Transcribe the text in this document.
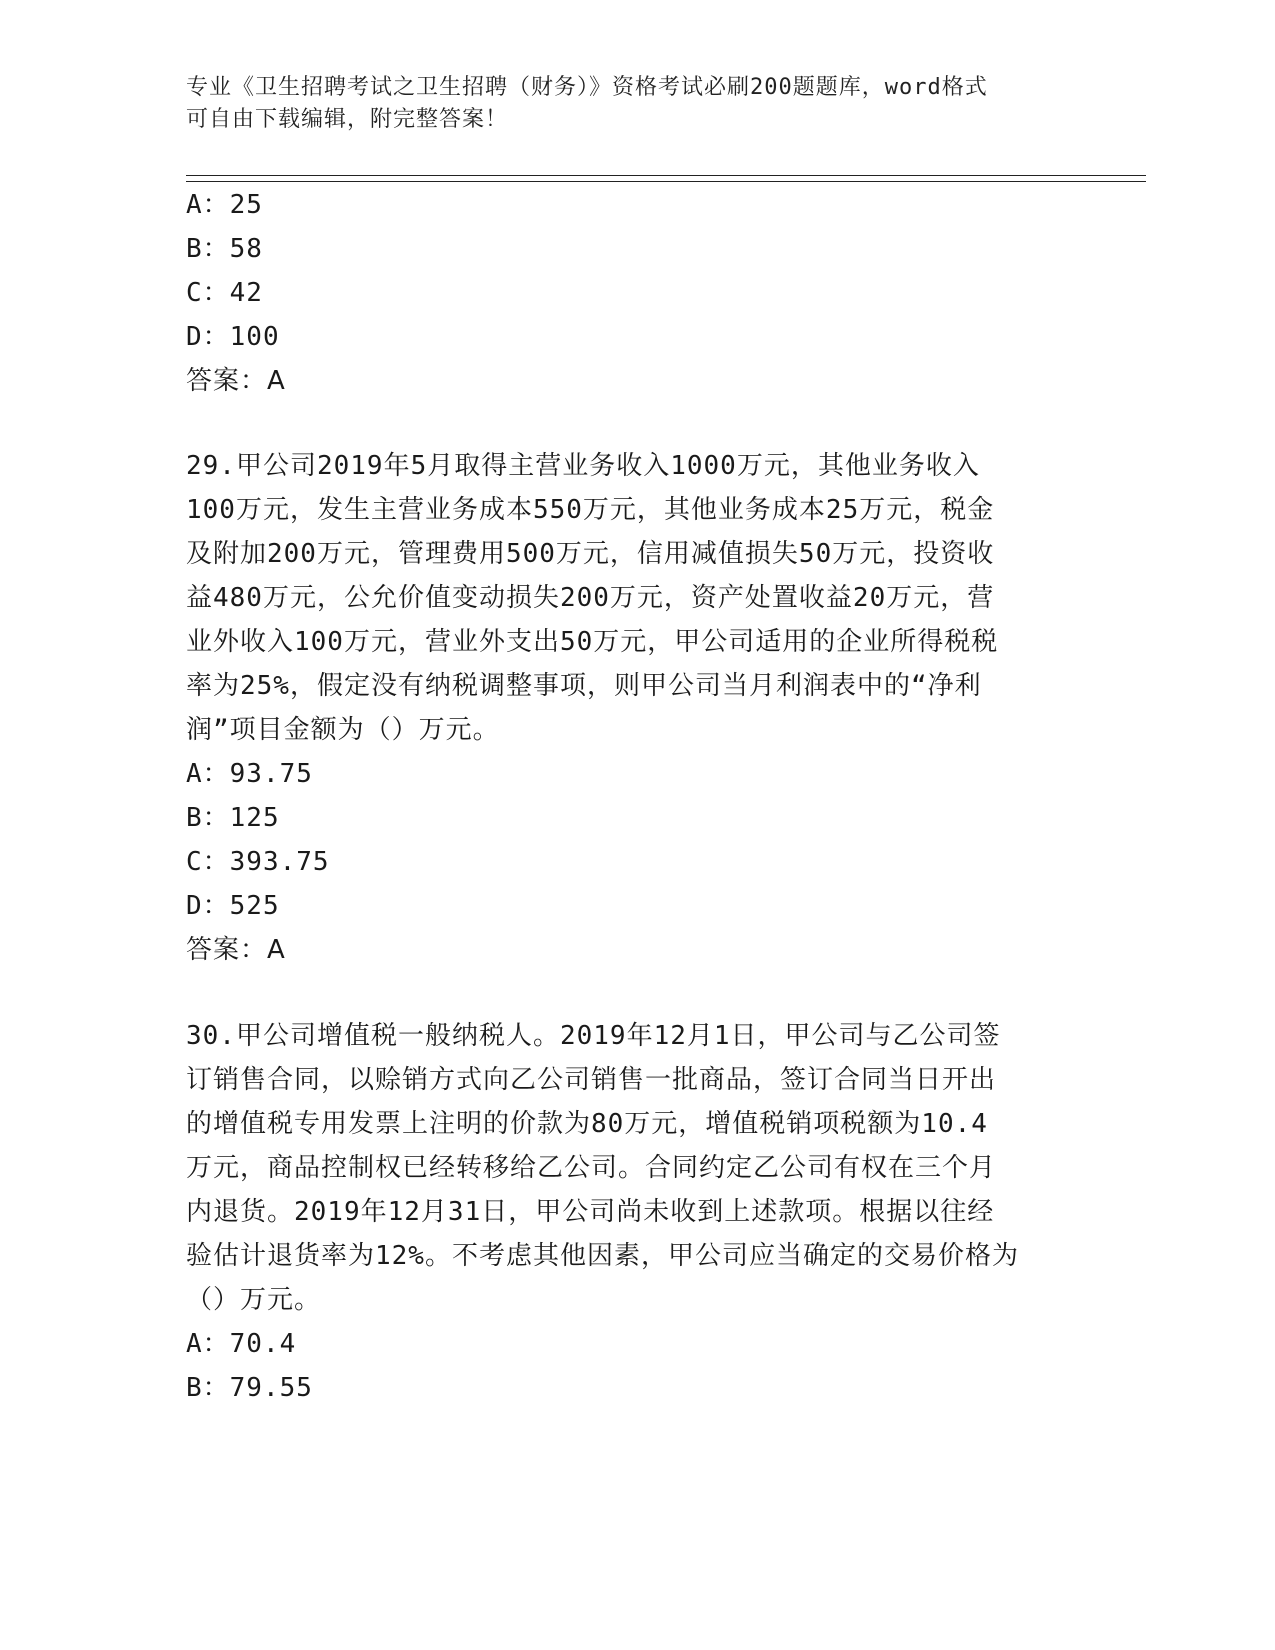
专业《卫生招聘考试之卫生招聘（财务）》资格考试必刷200题题库，word格式
可自由下载编辑，附完整答案！
A：25
B：58
C：42
D：100
答案：A
29.甲公司2019年5月取得主营业务收入1000万元，其他业务收入
100万元，发生主营业务成本550万元，其他业务成本25万元，税金
及附加200万元，管理费用500万元，信用减值损失50万元，投资收
益480万元，公允价值变动损失200万元，资产处置收益20万元，营
业外收入100万元，营业外支出50万元，甲公司适用的企业所得税税
率为25%，假定没有纳税调整事项，则甲公司当月利润表中的“净利
润”项目金额为（）万元。
A：93.75
B：125
C：393.75
D：525
答案：A
30.甲公司增值税一般纳税人。2019年12月1日，甲公司与乙公司签
订销售合同，以赊销方式向乙公司销售一批商品，签订合同当日开出
的增值税专用发票上注明的价款为80万元，增值税销项税额为10.4
万元，商品控制权已经转移给乙公司。合同约定乙公司有权在三个月
内退货。2019年12月31日，甲公司尚未收到上述款项。根据以往经
验估计退货率为12%。不考虑其他因素，甲公司应当确定的交易价格为
（）万元。
A：70.4
B：79.55
